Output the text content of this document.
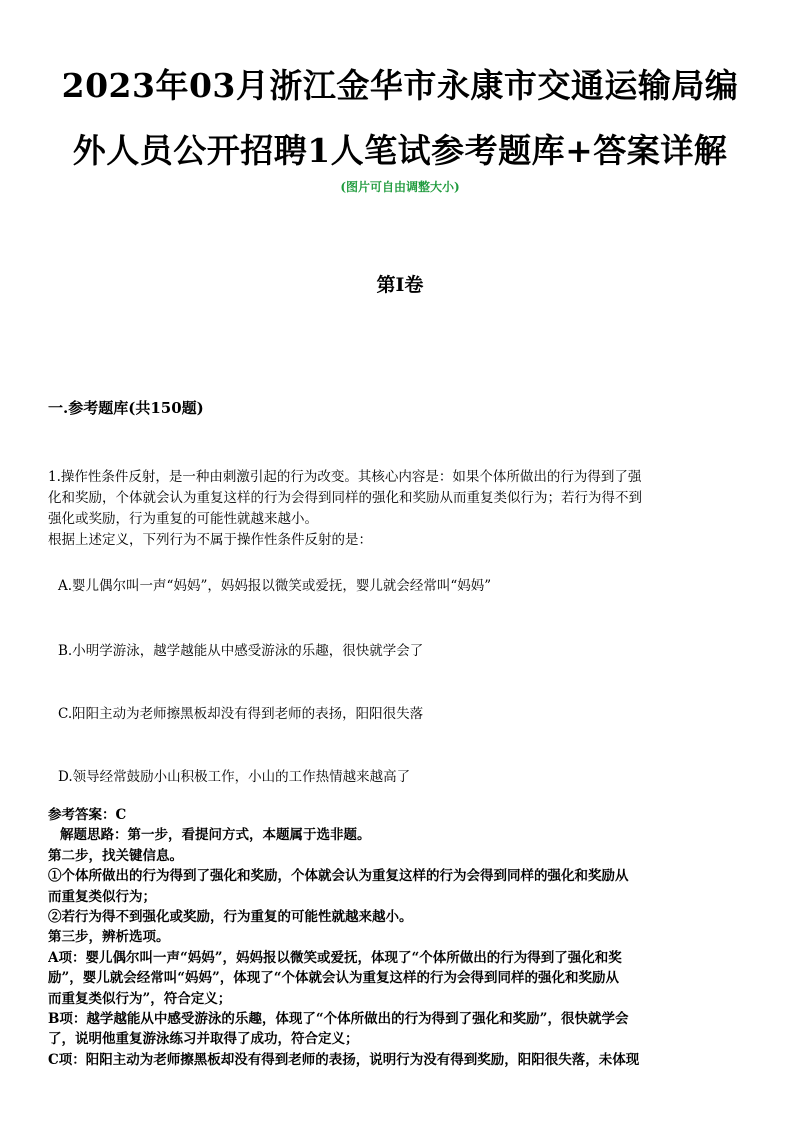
2023年03月浙江金华市永康市交通运输局编
外人员公开招聘1人笔试参考题库+答案详解
(图片可自由调整大小)
第I卷
一.参考题库(共150题)
1.操作性条件反射，是一种由刺激引起的行为改变。其核心内容是：如果个体所做出的行为得到了强
化和奖励，个体就会认为重复这样的行为会得到同样的强化和奖励从而重复类似行为；若行为得不到
强化或奖励，行为重复的可能性就越来越小。
根据上述定义，下列行为不属于操作性条件反射的是：
A.婴儿偶尔叫一声“妈妈”，妈妈报以微笑或爱抚，婴儿就会经常叫“妈妈”
B.小明学游泳，越学越能从中感受游泳的乐趣，很快就学会了
C.阳阳主动为老师擦黑板却没有得到老师的表扬，阳阳很失落
D.领导经常鼓励小山积极工作，小山的工作热情越来越高了
参考答案：C
解题思路：第一步，看提问方式，本题属于选非题。
第二步，找关键信息。
①个体所做出的行为得到了强化和奖励，个体就会认为重复这样的行为会得到同样的强化和奖励从
而重复类似行为；
②若行为得不到强化或奖励，行为重复的可能性就越来越小。
第三步，辨析选项。
A项：婴儿偶尔叫一声“妈妈”，妈妈报以微笑或爱抚，体现了“个体所做出的行为得到了强化和奖
励”，婴儿就会经常叫“妈妈”，体现了“个体就会认为重复这样的行为会得到同样的强化和奖励从
而重复类似行为”，符合定义；
B项：越学越能从中感受游泳的乐趣，体现了“个体所做出的行为得到了强化和奖励”，很快就学会
了，说明他重复游泳练习并取得了成功，符合定义；
C项：阳阳主动为老师擦黑板却没有得到老师的表扬，说明行为没有得到奖励，阳阳很失落，未体现
